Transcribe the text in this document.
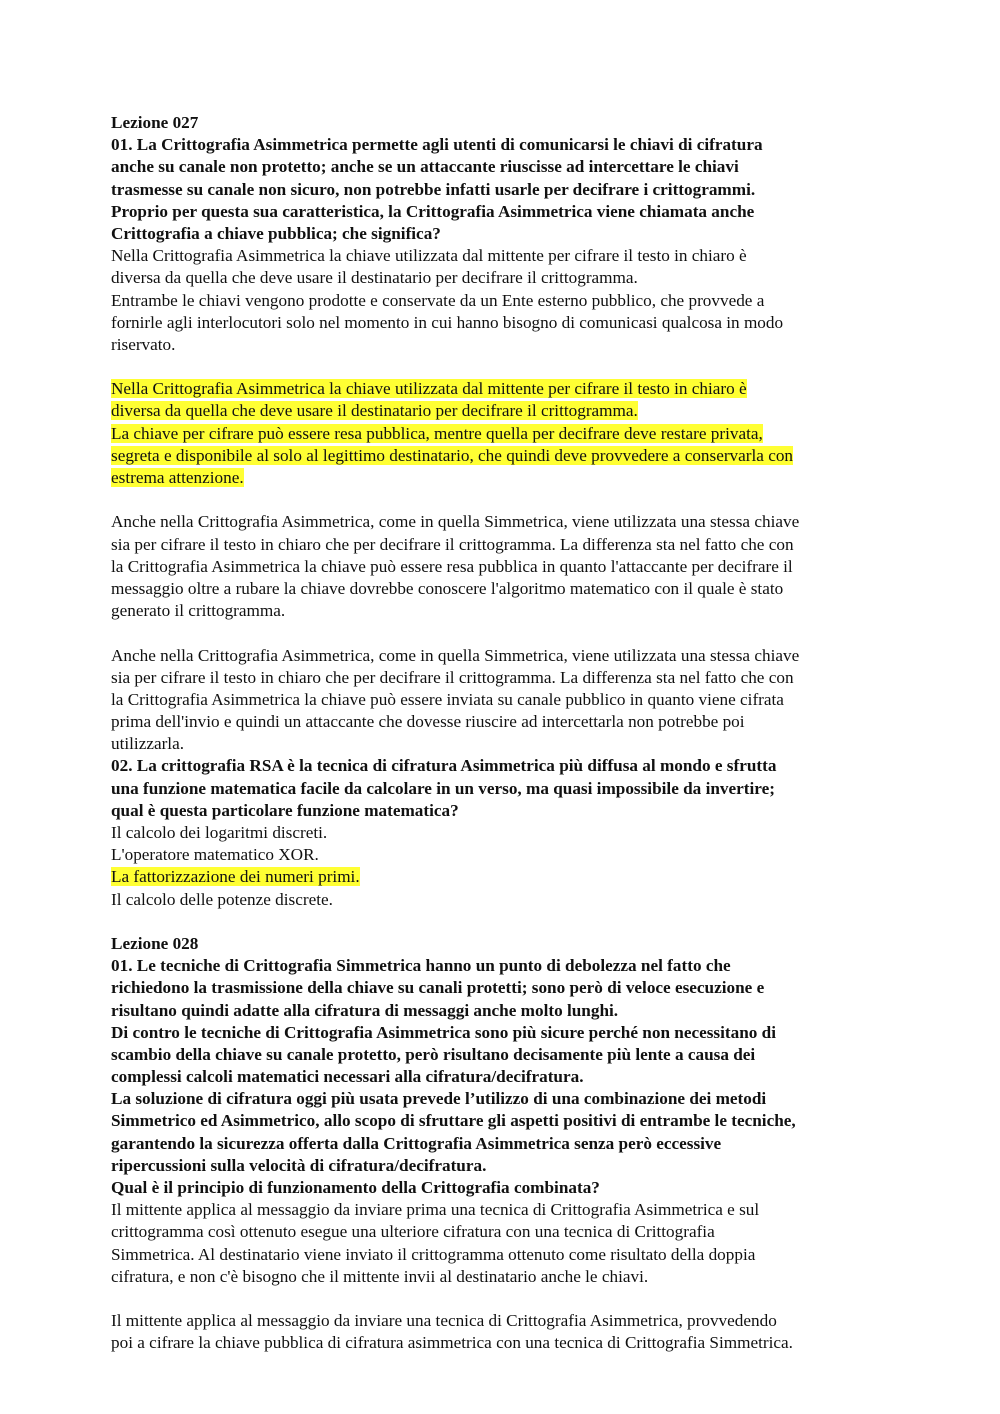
Lezione 027
01. La Crittografia Asimmetrica permette agli utenti di comunicarsi le chiavi di cifratura
anche su canale non protetto; anche se un attaccante riuscisse ad intercettare le chiavi
trasmesse su canale non sicuro, non potrebbe infatti usarle per decifrare i crittogrammi.
Proprio per questa sua caratteristica, la Crittografia Asimmetrica viene chiamata anche
Crittografia a chiave pubblica; che significa?
Nella Crittografia Asimmetrica la chiave utilizzata dal mittente per cifrare il testo in chiaro è
diversa da quella che deve usare il destinatario per decifrare il crittogramma.
Entrambe le chiavi vengono prodotte e conservate da un Ente esterno pubblico, che provvede a
fornirle agli interlocutori solo nel momento in cui hanno bisogno di comunicasi qualcosa in modo
riservato.
Nella Crittografia Asimmetrica la chiave utilizzata dal mittente per cifrare il testo in chiaro è
diversa da quella che deve usare il destinatario per decifrare il crittogramma.
La chiave per cifrare può essere resa pubblica, mentre quella per decifrare deve restare privata,
segreta e disponibile al solo al legittimo destinatario, che quindi deve provvedere a conservarla con
estrema attenzione.
Anche nella Crittografia Asimmetrica, come in quella Simmetrica, viene utilizzata una stessa chiave
sia per cifrare il testo in chiaro che per decifrare il crittogramma. La differenza sta nel fatto che con
la Crittografia Asimmetrica la chiave può essere resa pubblica in quanto l'attaccante per decifrare il
messaggio oltre a rubare la chiave dovrebbe conoscere l'algoritmo matematico con il quale è stato
generato il crittogramma.
Anche nella Crittografia Asimmetrica, come in quella Simmetrica, viene utilizzata una stessa chiave
sia per cifrare il testo in chiaro che per decifrare il crittogramma. La differenza sta nel fatto che con
la Crittografia Asimmetrica la chiave può essere inviata su canale pubblico in quanto viene cifrata
prima dell'invio e quindi un attaccante che dovesse riuscire ad intercettarla non potrebbe poi
utilizzarla.
02. La crittografia RSA è la tecnica di cifratura Asimmetrica più diffusa al mondo e sfrutta
una funzione matematica facile da calcolare in un verso, ma quasi impossibile da invertire;
qual è questa particolare funzione matematica?
Il calcolo dei logaritmi discreti.
L'operatore matematico XOR.
La fattorizzazione dei numeri primi.
Il calcolo delle potenze discrete.
Lezione 028
01. Le tecniche di Crittografia Simmetrica hanno un punto di debolezza nel fatto che
richiedono la trasmissione della chiave su canali protetti; sono però di veloce esecuzione e
risultano quindi adatte alla cifratura di messaggi anche molto lunghi.
Di contro le tecniche di Crittografia Asimmetrica sono più sicure perché non necessitano di
scambio della chiave su canale protetto, però risultano decisamente più lente a causa dei
complessi calcoli matematici necessari alla cifratura/decifratura.
La soluzione di cifratura oggi più usata prevede l’utilizzo di una combinazione dei metodi
Simmetrico ed Asimmetrico, allo scopo di sfruttare gli aspetti positivi di entrambe le tecniche,
garantendo la sicurezza offerta dalla Crittografia Asimmetrica senza però eccessive
ripercussioni sulla velocità di cifratura/decifratura.
Qual è il principio di funzionamento della Crittografia combinata?
Il mittente applica al messaggio da inviare prima una tecnica di Crittografia Asimmetrica e sul
crittogramma così ottenuto esegue una ulteriore cifratura con una tecnica di Crittografia
Simmetrica. Al destinatario viene inviato il crittogramma ottenuto come risultato della doppia
cifratura, e non c'è bisogno che il mittente invii al destinatario anche le chiavi.
Il mittente applica al messaggio da inviare una tecnica di Crittografia Asimmetrica, provvedendo
poi a cifrare la chiave pubblica di cifratura asimmetrica con una tecnica di Crittografia Simmetrica.
